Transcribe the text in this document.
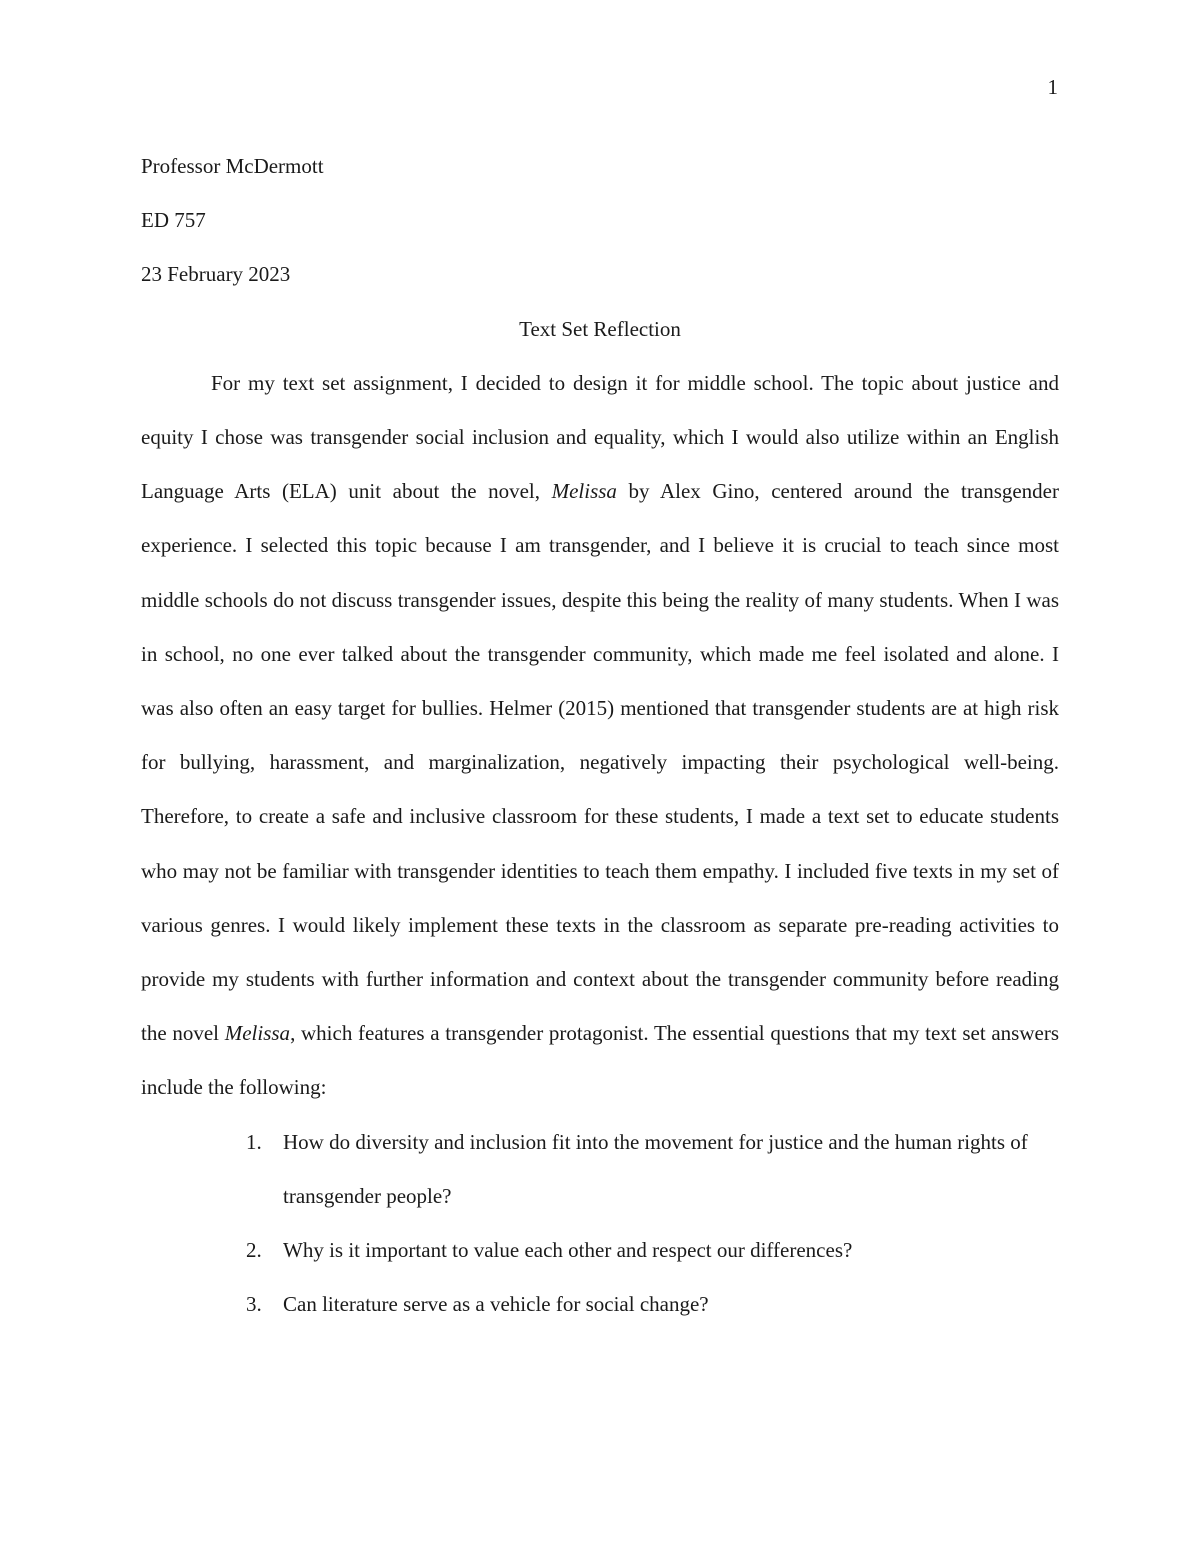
1

Professor McDermott

ED 757

23 February 2023

Text Set Reflection

For my text set assignment, I decided to design it for middle school. The topic about justice and equity I chose was transgender social inclusion and equality, which I would also utilize within an English Language Arts (ELA) unit about the novel, Melissa by Alex Gino, centered around the transgender experience. I selected this topic because I am transgender, and I believe it is crucial to teach since most middle schools do not discuss transgender issues, despite this being the reality of many students. When I was in school, no one ever talked about the transgender community, which made me feel isolated and alone. I was also often an easy target for bullies. Helmer (2015) mentioned that transgender students are at high risk for bullying, harassment, and marginalization, negatively impacting their psychological well-being. Therefore, to create a safe and inclusive classroom for these students, I made a text set to educate students who may not be familiar with transgender identities to teach them empathy. I included five texts in my set of various genres. I would likely implement these texts in the classroom as separate pre-reading activities to provide my students with further information and context about the transgender community before reading the novel Melissa, which features a transgender protagonist. The essential questions that my text set answers include the following:

1. How do diversity and inclusion fit into the movement for justice and the human rights of transgender people?
2. Why is it important to value each other and respect our differences?
3. Can literature serve as a vehicle for social change?
